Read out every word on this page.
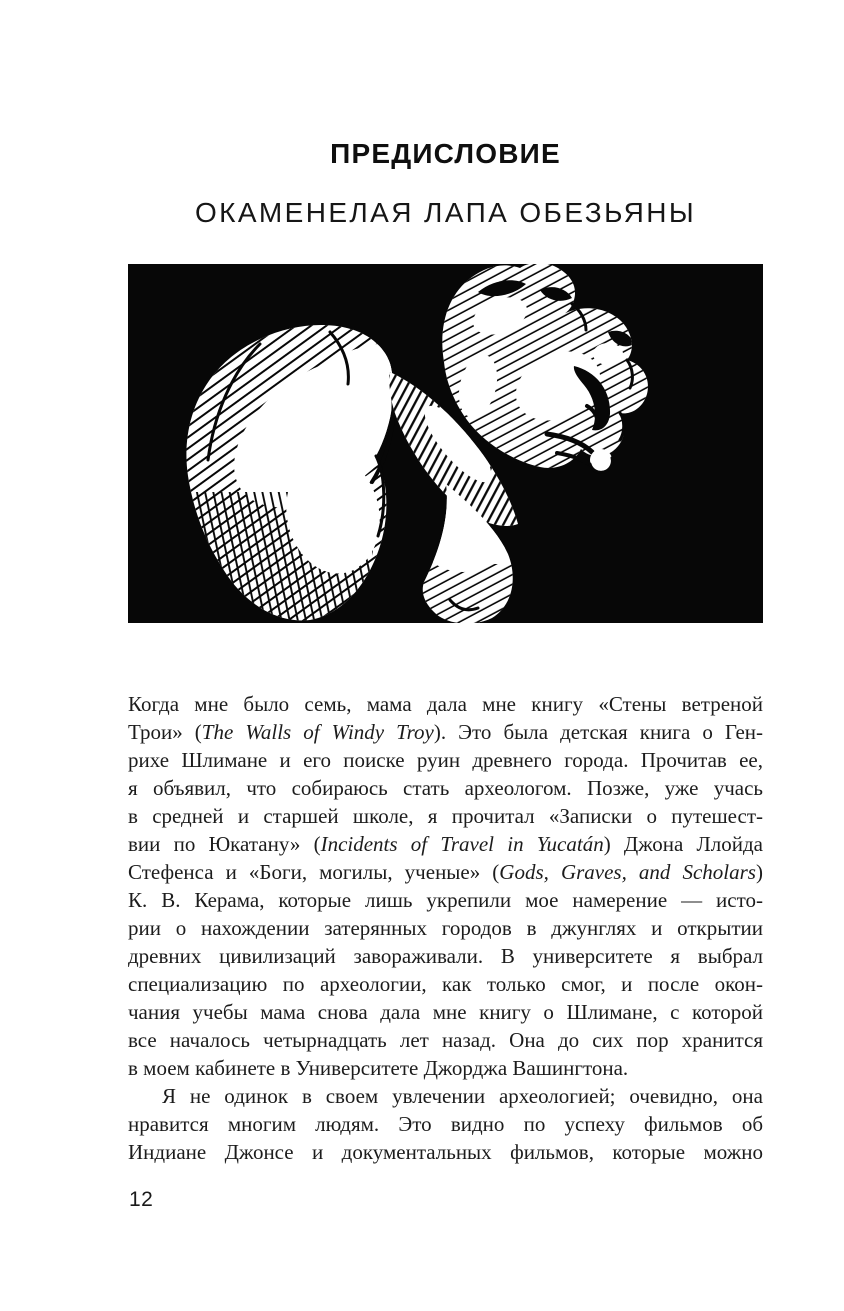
ПРЕДИСЛОВИЕ
ОКАМЕНЕЛАЯ ЛАПА ОБЕЗЬЯНЫ
Когда мне было семь, мама дала мне книгу «Стены ветреной
Трои» (The Walls of Windy Troy). Это была детская книга о Ген-
рихе Шлимане и его поиске руин древнего города. Прочитав ее,
я объявил, что собираюсь стать археологом. Позже, уже учась
в средней и старшей школе, я прочитал «Записки о путешест-
вии по Юкатану» (Incidents of Travel in Yucatán) Джона Ллойда
Стефенса и «Боги, могилы, ученые» (Gods, Graves, and Scholars)
К. В. Керама, которые лишь укрепили мое намерение — исто-
рии о нахождении затерянных городов в джунглях и открытии
древних цивилизаций завораживали. В университете я выбрал
специализацию по археологии, как только смог, и после окон-
чания учебы мама снова дала мне книгу о Шлимане, с которой
все началось четырнадцать лет назад. Она до сих пор хранится
в моем кабинете в Университете Джорджа Вашингтона.
Я не одинок в своем увлечении археологией; очевидно, она
нравится многим людям. Это видно по успеху фильмов об
Индиане Джонсе и документальных фильмов, которые можно
12
